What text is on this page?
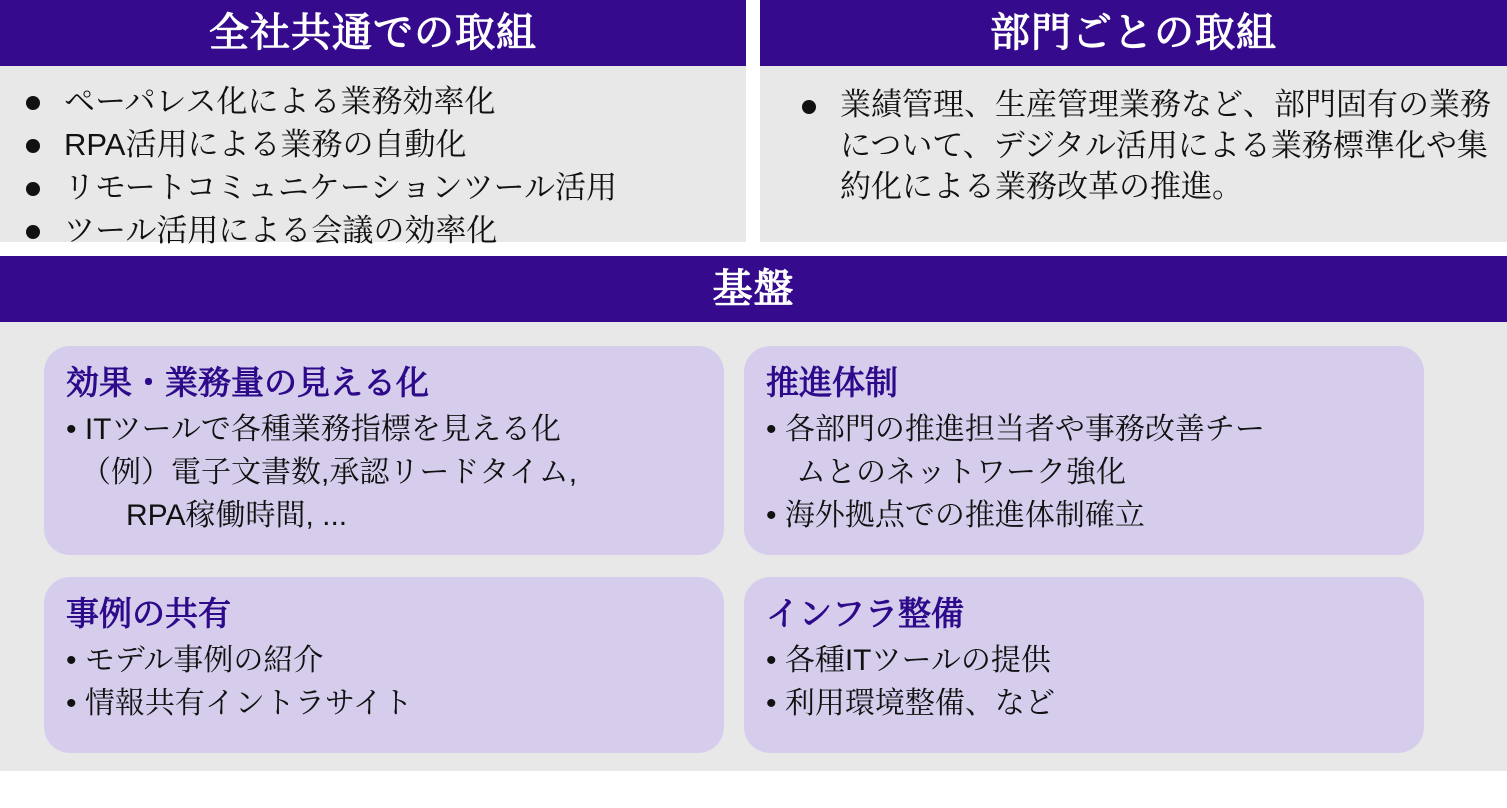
全社共通での取組
ペーパレス化による業務効率化
RPA活用による業務の自動化
リモートコミュニケーションツール活用
ツール活用による会議の効率化
部門ごとの取組
業績管理、生産管理業務など、部門固有の業務について、デジタル活用による業務標準化や集約化による業務改革の推進。
基盤
効果・業務量の見える化
• ITツールで各種業務指標を見える化
　（例）電子文書数,承認リードタイム,
　　RPA稼働時間, ...
推進体制
• 各部門の推進担当者や事務改善チー
　ムとのネットワーク強化
• 海外拠点での推進体制確立
事例の共有
• モデル事例の紹介
• 情報共有イントラサイト
インフラ整備
• 各種ITツールの提供
• 利用環境整備、など
